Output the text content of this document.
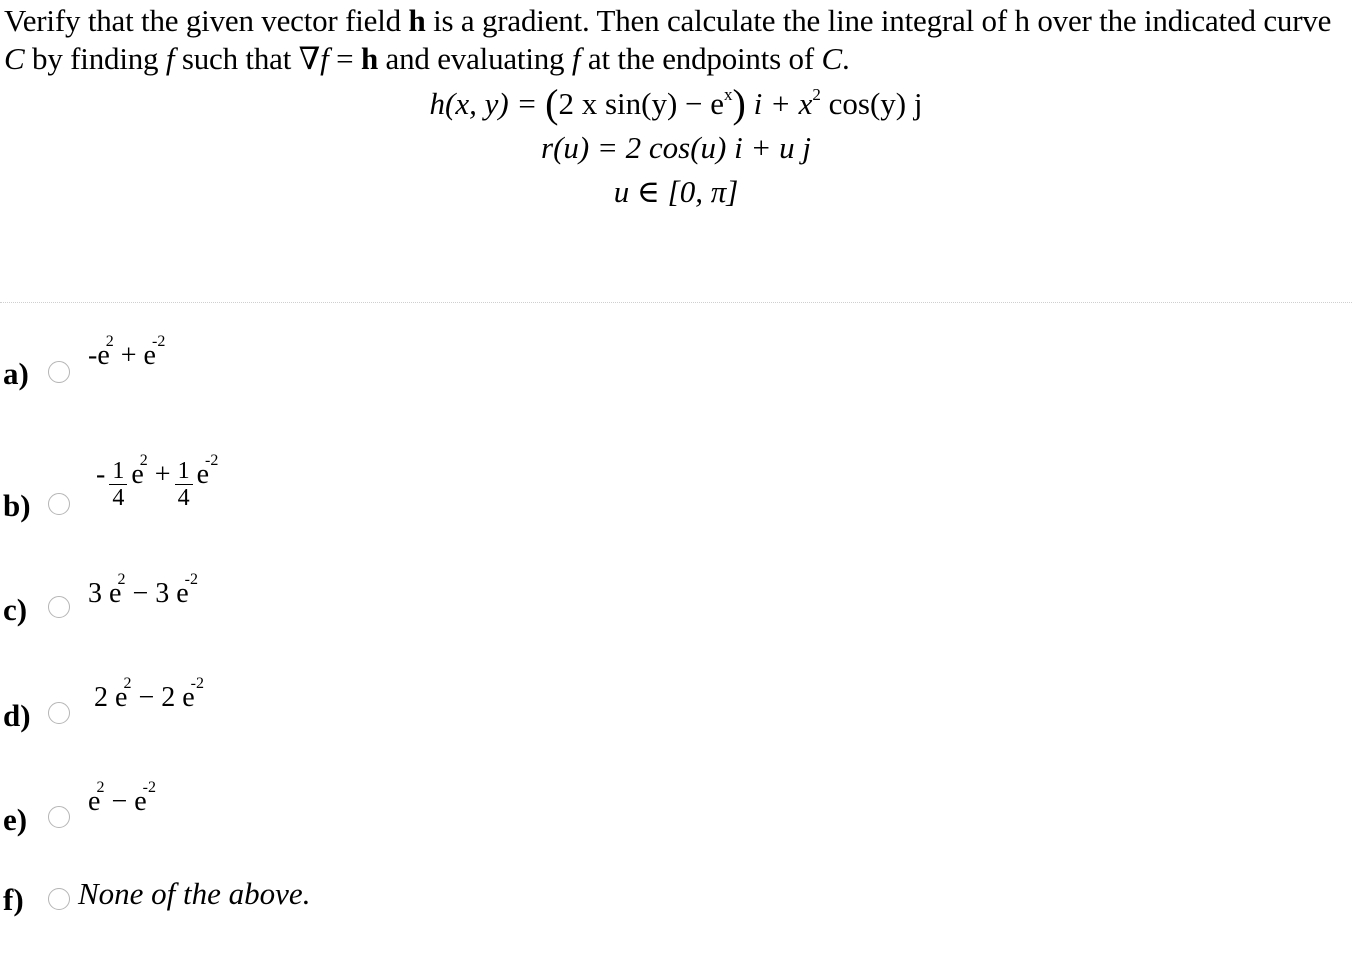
Verify that the given vector field h is a gradient. Then calculate the line integral of h over the indicated curve C by finding f such that ∇f = h and evaluating f at the endpoints of C.
h(x, y) = (2 x $\sin(y) - e^x$) $i + x^2$ cos(y) j
r(u) = 2 cos(u) i + u j
u ∈ [0, π]
a)
$-e^2 + e^{-2}$
b)
- $\frac{1}{4} e^2 + \frac{1}{4} e^{-2}$
c) 3 $e^2 - 3$ $e^{-2}$
d)
2 $e^2 - 2$ $e^{-2}$
e)
$e^2 - e^{-2}$
f) None of the above.
